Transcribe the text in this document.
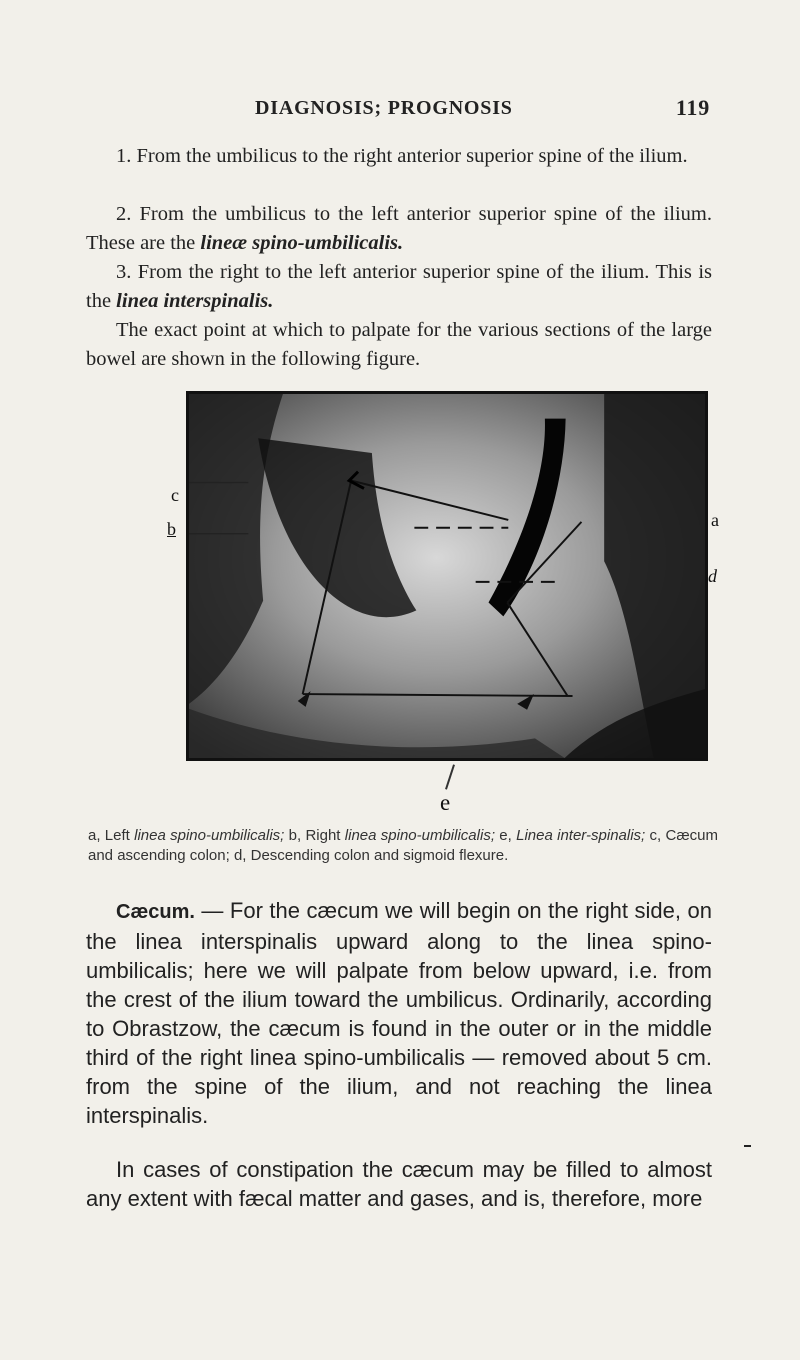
DIAGNOSIS; PROGNOSIS	119

1. From the umbilicus to the right anterior superior spine of the ilium.

2. From the umbilicus to the left anterior superior spine of the ilium. These are the lineæ spino-umbilicalis.

3. From the right to the left anterior superior spine of the ilium. This is the linea interspinalis.

The exact point at which to palpate for the various sections of the large bowel are shown in the following figure.

c
b	a
d
e
a, Left linea spino-umbilicalis; b, Right linea spino-umbilicalis; e, Linea inter-spinalis; c, Cæcum and ascending colon; d, Descending colon and sigmoid flexure.

Cæcum. — For the cæcum we will begin on the right side, on the linea interspinalis upward along to the linea spino-umbilicalis; here we will palpate from below upward, i.e. from the crest of the ilium toward the umbilicus. Ordinarily, according to Obrastzow, the cæcum is found in the outer or in the middle third of the right linea spino-umbilicalis — removed about 5 cm. from the spine of the ilium, and not reaching the linea interspinalis.

In cases of constipation the cæcum may be filled to almost any extent with fæcal matter and gases, and is, therefore, more
